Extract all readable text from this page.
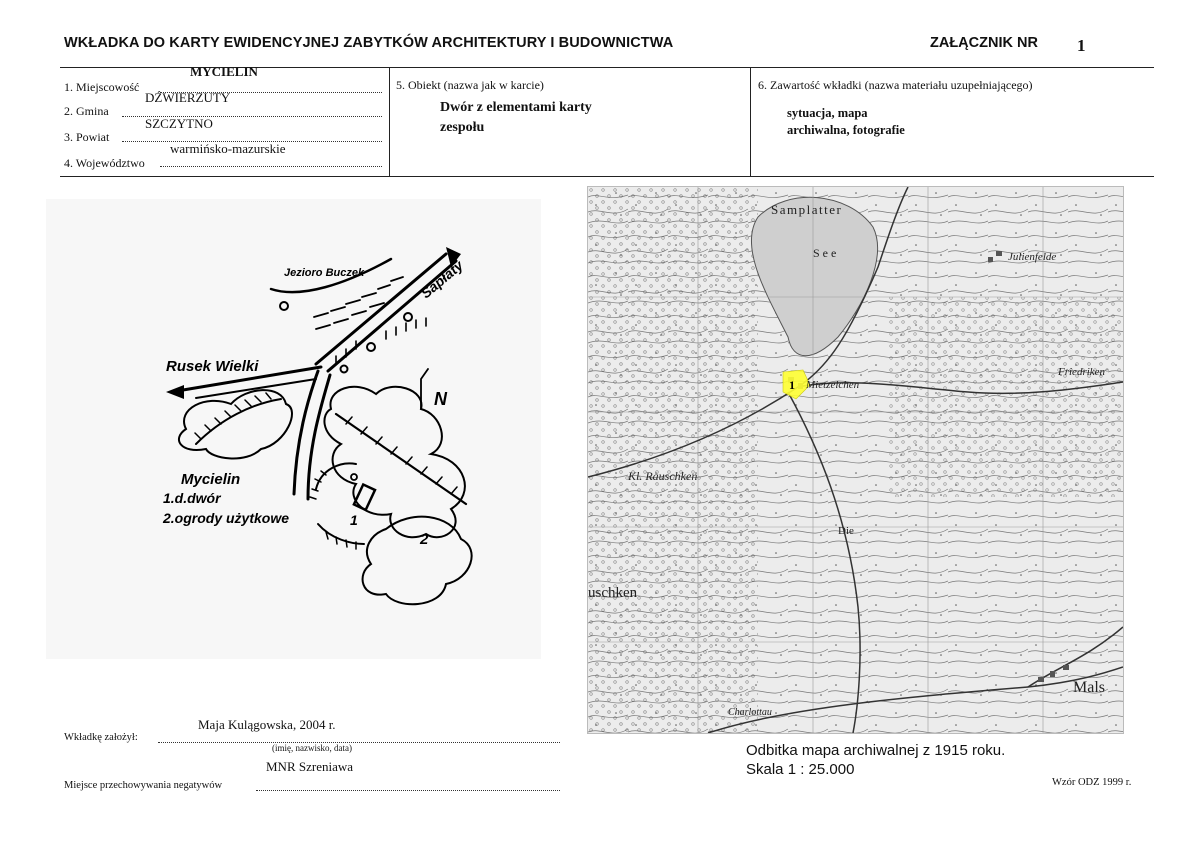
WKŁADKA DO KARTY EWIDENCYJNEJ ZABYTKÓW ARCHITEKTURY I BUDOWNICTWA	ZAŁĄCZNIK NR 1
1. Miejscowość
MYCIELIN
2. Gmina
DŹWIERZUTY
3. Powiat
SZCZYTNO
4. Województwo
warmińsko-mazurskie
5. Obiekt (nazwa jak w karcie)
Dwór z elementami karty
zespołu
6. Zawartość wkładki (nazwa materiału uzupełniającego)
sytuacja, mapa
archiwalna, fotografie
N
Jezioro Buczek	Sapłaty
Rusek Wielki
Mycielin
1.d.dwór
2.ogrody użytkowe	1
2
1
Samplatter
See
Mietzelchen
Kl. Rauschken
uschken
Julienfelde
Friedriken
Mals
Charlottau
Die
Odbitka mapa archiwalnej z 1915 roku.
Skala 1 : 25.000
Maja Kulągowska, 2004 r.
Wkładkę założył:
(imię, nazwisko, data)
MNR Szreniawa
Miejsce przechowywania negatywów	Wzór ODZ 1999 r.
